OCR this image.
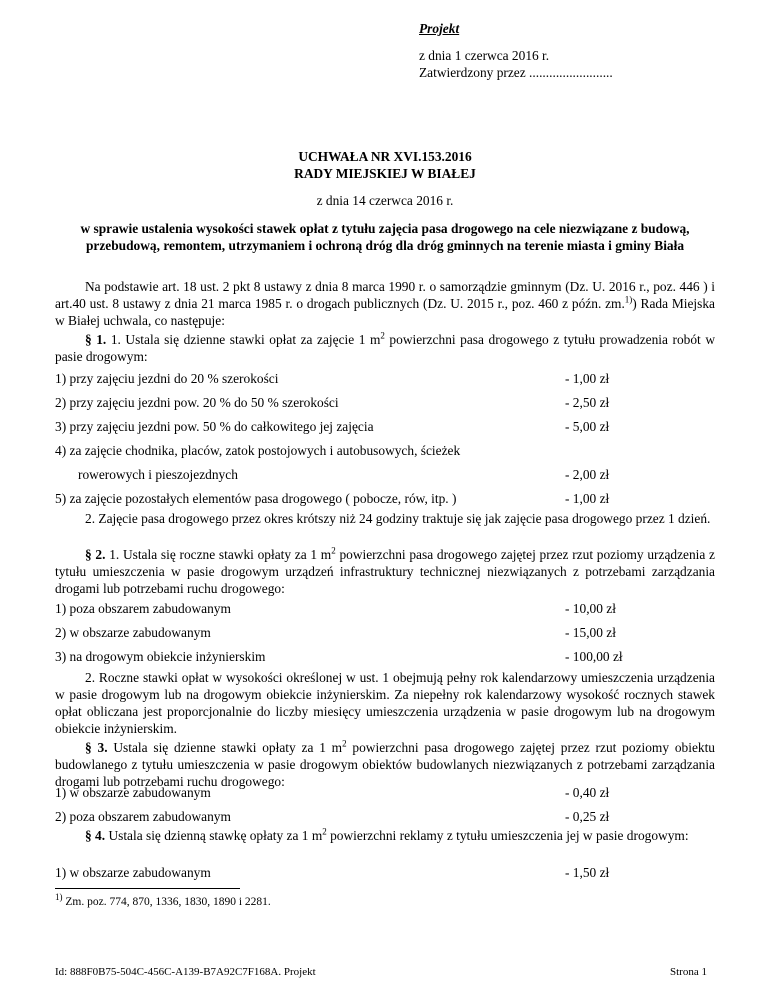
Projekt
z dnia 1 czerwca 2016 r.
Zatwierdzony przez .........................
UCHWAŁA NR XVI.153.2016
RADY MIEJSKIEJ W BIAŁEJ
z dnia 14 czerwca 2016 r.
w sprawie ustalenia wysokości stawek opłat z tytułu zajęcia pasa drogowego na cele niezwiązane z budową,
przebudową, remontem, utrzymaniem i ochroną dróg dla dróg gminnych na terenie miasta i gminy Biała
Na podstawie art. 18 ust. 2 pkt 8 ustawy z dnia 8 marca 1990 r. o samorządzie gminnym (Dz. U. 2016 r., poz. 446 ) i art.40 ust. 8 ustawy z dnia 21 marca 1985 r. o drogach publicznych (Dz. U. 2015 r., poz. 460 z późn. zm.$^{1)}$) Rada Miejska w Białej uchwala, co następuje:
§ 1. 1. Ustala się dzienne stawki opłat za zajęcie 1 $m^2$ powierzchni pasa drogowego z tytułu prowadzenia robót w pasie drogowym:
1) przy zajęciu jezdni do 20 % szerokości	- 1,00 zł
2) przy zajęciu jezdni pow. 20 % do 50 % szerokości	- 2,50 zł
3) przy zajęciu jezdni pow. 50 % do całkowitego jej zajęcia	- 5,00 zł
4) za zajęcie chodnika, placów, zatok postojowych i autobusowych, ścieżek
rowerowych i pieszojezdnych	- 2,00 zł
5) za zajęcie pozostałych elementów pasa drogowego ( pobocze, rów, itp. )	- 1,00 zł
2. Zajęcie pasa drogowego przez okres krótszy niż 24 godziny traktuje się jak zajęcie pasa drogowego przez 1 dzień.
§ 2. 1. Ustala się roczne stawki opłaty za 1 $m^2$ powierzchni pasa drogowego zajętej przez rzut poziomy urządzenia z tytułu umieszczenia w pasie drogowym urządzeń infrastruktury technicznej niezwiązanych z potrzebami zarządzania drogami lub potrzebami ruchu drogowego:
1) poza obszarem zabudowanym	- 10,00 zł
2) w obszarze zabudowanym	- 15,00 zł
3) na drogowym obiekcie inżynierskim	- 100,00 zł
2. Roczne stawki opłat w wysokości określonej w ust. 1 obejmują pełny rok kalendarzowy umieszczenia urządzenia w pasie drogowym lub na drogowym obiekcie inżynierskim. Za niepełny rok kalendarzowy wysokość rocznych stawek opłat obliczana jest proporcjonalnie do liczby miesięcy umieszczenia urządzenia w pasie drogowym lub na drogowym obiekcie inżynierskim.
§ 3. Ustala się dzienne stawki opłaty za 1 $m^2$ powierzchni pasa drogowego zajętej przez rzut poziomy obiektu budowlanego z tytułu umieszczenia w pasie drogowym obiektów budowlanych niezwiązanych z potrzebami zarządzania drogami lub potrzebami ruchu drogowego:
1) w obszarze zabudowanym	- 0,40 zł
2) poza obszarem zabudowanym	- 0,25 zł
§ 4. Ustala się dzienną stawkę opłaty za 1 $m^2$ powierzchni reklamy z tytułu umieszczenia jej w pasie drogowym:
1) w obszarze zabudowanym	- 1,50 zł
$^{1)}$ Zm. poz. 774, 870, 1336, 1830, 1890 i 2281.
Id: 888F0B75-504C-456C-A139-B7A92C7F168A. Projekt	Strona 1
